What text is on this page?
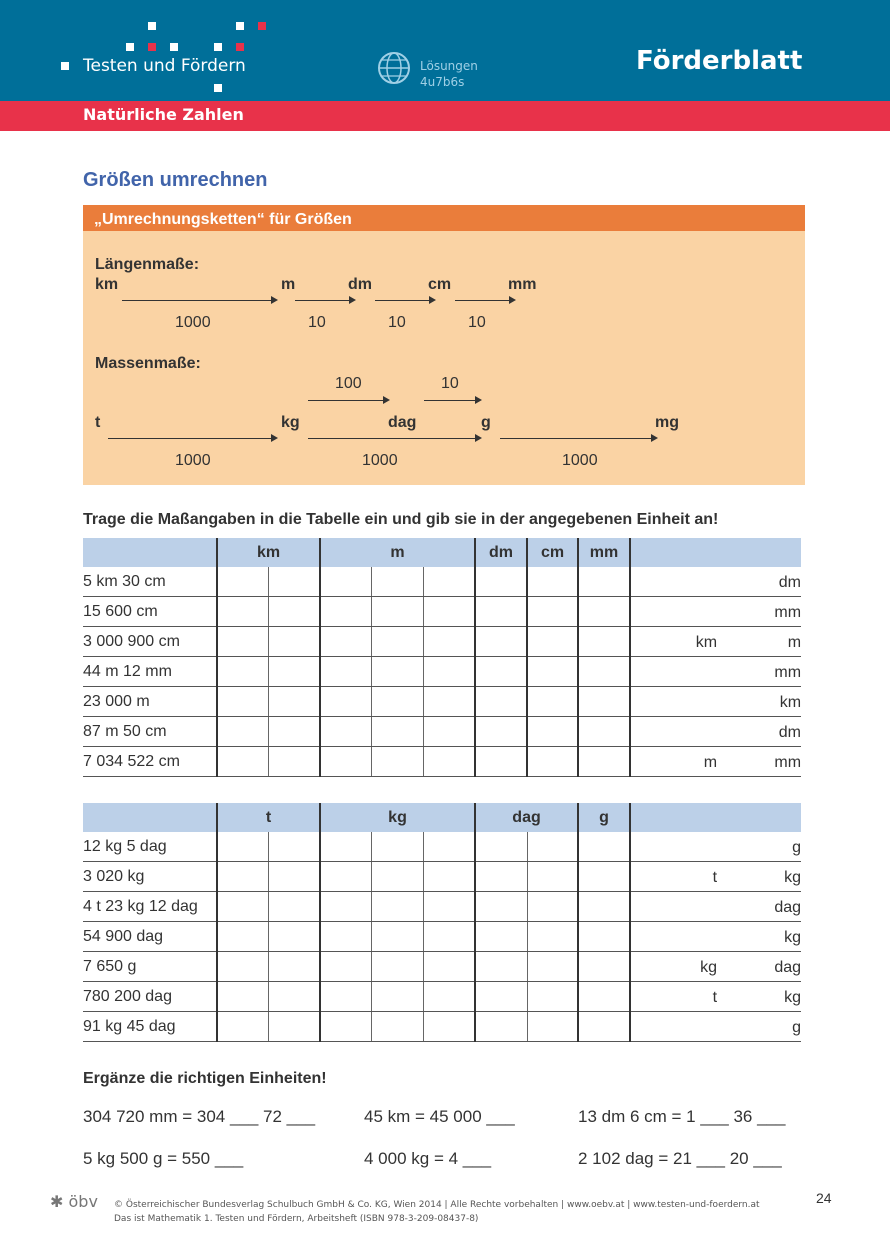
Testen und Fördern	Lösungen
4u7b6s
Förderblatt
Natürliche Zahlen
Größen umrechnen
„Umrechnungsketten“ für Größen
Längenmaße:
km	m	dm	cm	mm
1000	10	10	10
Massenmaße:
100	10
t	kg	dag	g	mg
1000	1000	1000
Trage die Maßangaben in die Tabelle ein und gib sie in der angegebenen Einheit an!
	km		m			dm	cm	mm	
5 km 30 cm									dm

15 600 cm									mm

3 000 900 cm									km m

44 m 12 mm									mm

23 000 m									km

87 m 50 cm									dm

7 034 522 cm									m mm
	t		kg			dag		g	
12 kg 5 dag									g

3 020 kg									t kg

4 t 23 kg 12 dag									dag

54 900 dag									kg

7 650 g									kg dag

780 200 dag									t kg

91 kg 45 dag									g
Ergänze die richtigen Einheiten!
304 720 mm = 304 ___ 72 ___	45 km = 45 000 ___	13 dm 6 cm = 1 ___ 36 ___
5 kg 500 g = 550 ___	4 000 kg = 4 ___	2 102 dag = 21 ___ 20 ___
✱ öbv © Österreichischer Bundesverlag Schulbuch GmbH & Co. KG, Wien 2014 | Alle Rechte vorbehalten | www.oebv.at | www.testen-und-foerdern.at
Das ist Mathematik 1. Testen und Fördern, Arbeitsheft (ISBN 978-3-209-08437-8)
24
